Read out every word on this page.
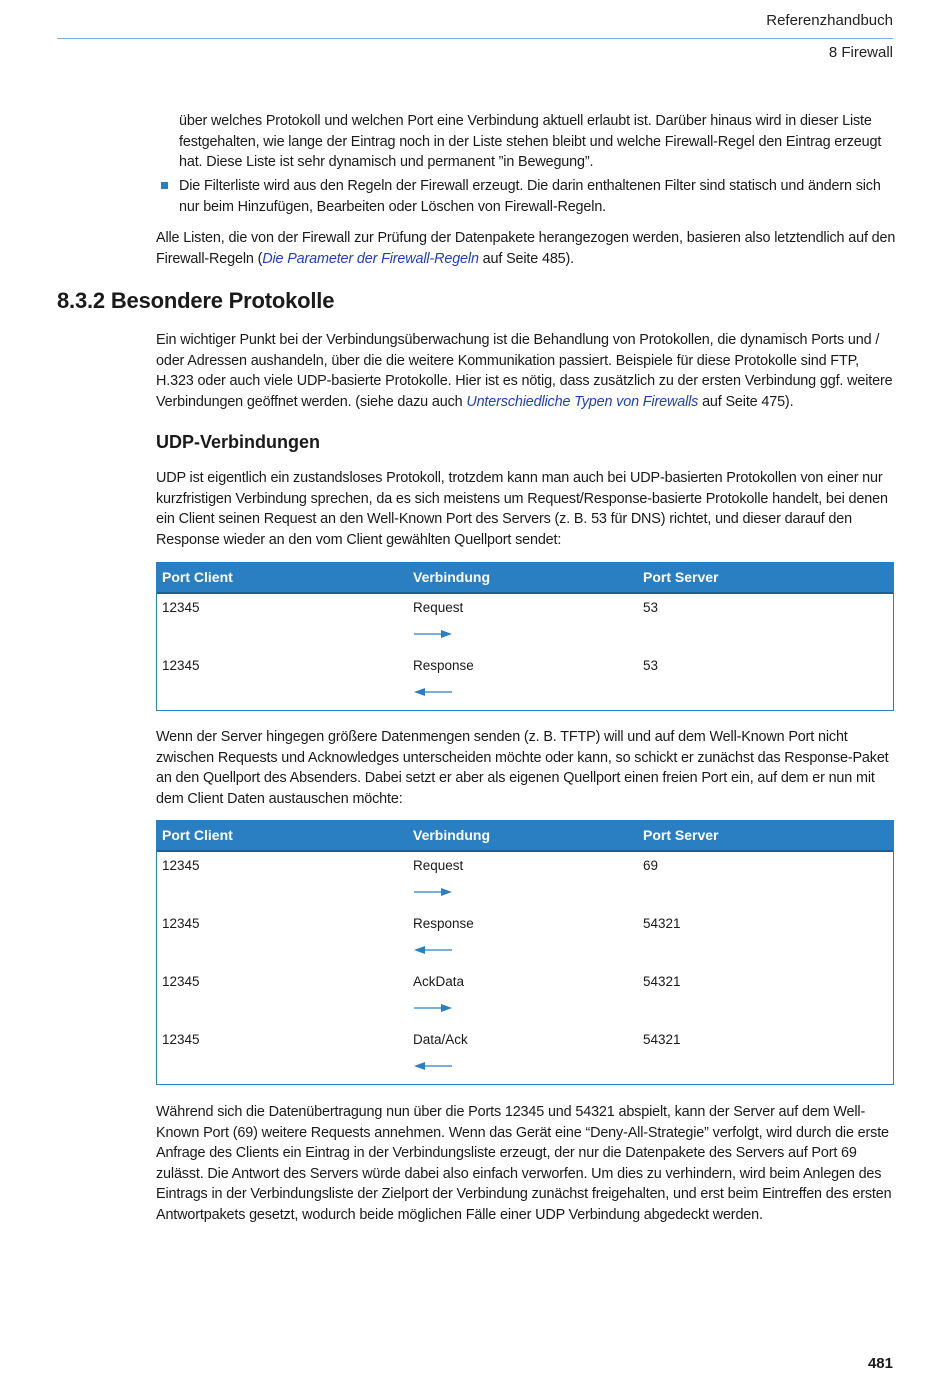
Referenzhandbuch
8 Firewall

über welches Protokoll und welchen Port eine Verbindung aktuell erlaubt ist. Darüber hinaus wird in dieser Liste festgehalten, wie lange der Eintrag noch in der Liste stehen bleibt und welche Firewall-Regel den Eintrag erzeugt hat. Diese Liste ist sehr dynamisch und permanent ”in Bewegung”.

Die Filterliste wird aus den Regeln der Firewall erzeugt. Die darin enthaltenen Filter sind statisch und ändern sich nur beim Hinzufügen, Bearbeiten oder Löschen von Firewall-Regeln.

Alle Listen, die von der Firewall zur Prüfung der Datenpakete herangezogen werden, basieren also letztendlich auf den Firewall-Regeln (Die Parameter der Firewall-Regeln auf Seite 485).

8.3.2 Besondere Protokolle

Ein wichtiger Punkt bei der Verbindungsüberwachung ist die Behandlung von Protokollen, die dynamisch Ports und / oder Adressen aushandeln, über die die weitere Kommunikation passiert. Beispiele für diese Protokolle sind FTP, H.323 oder auch viele UDP-basierte Protokolle. Hier ist es nötig, dass zusätzlich zu der ersten Verbindung ggf. weitere Verbindungen geöffnet werden. (siehe dazu auch Unterschiedliche Typen von Firewalls auf Seite 475).

UDP-Verbindungen

UDP ist eigentlich ein zustandsloses Protokoll, trotzdem kann man auch bei UDP-basierten Protokollen von einer nur kurzfristigen Verbindung sprechen, da es sich meistens um Request/Response-basierte Protokolle handelt, bei denen ein Client seinen Request an den Well-Known Port des Servers (z. B. 53 für DNS) richtet, und dieser darauf den Response wieder an den vom Client gewählten Quellport sendet:

Port Client	Verbindung	Port Server
12345	Request	53
12345	Response	53

Wenn der Server hingegen größere Datenmengen senden (z. B. TFTP) will und auf dem Well-Known Port nicht zwischen Requests und Acknowledges unterscheiden möchte oder kann, so schickt er zunächst das Response-Paket an den Quellport des Absenders. Dabei setzt er aber als eigenen Quellport einen freien Port ein, auf dem er nun mit dem Client Daten austauschen möchte:

Port Client	Verbindung	Port Server
12345	Request	69
12345	Response	54321
12345	AckData	54321
12345	Data/Ack	54321

Während sich die Datenübertragung nun über die Ports 12345 und 54321 abspielt, kann der Server auf dem Well-Known Port (69) weitere Requests annehmen. Wenn das Gerät eine “Deny-All-Strategie” verfolgt, wird durch die erste Anfrage des Clients ein Eintrag in der Verbindungsliste erzeugt, der nur die Datenpakete des Servers auf Port 69 zulässt. Die Antwort des Servers würde dabei also einfach verworfen. Um dies zu verhindern, wird beim Anlegen des Eintrags in der Verbindungsliste der Zielport der Verbindung zunächst freigehalten, und erst beim Eintreffen des ersten Antwortpakets gesetzt, wodurch beide möglichen Fälle einer UDP Verbindung abgedeckt werden.

481
